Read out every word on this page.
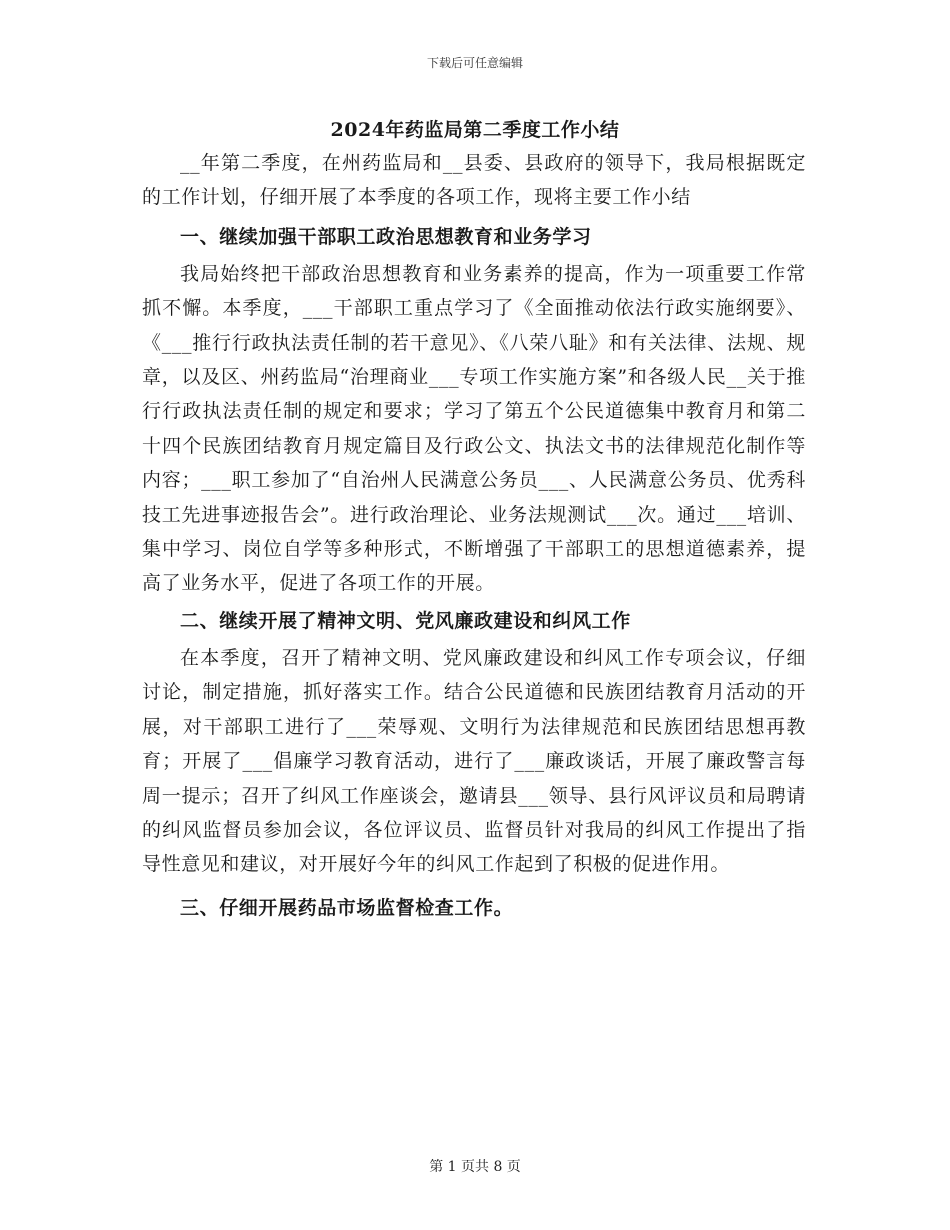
下载后可任意编辑
2024年药监局第二季度工作小结

__年第二季度，在州药监局和__县委、县政府的领导下，我局根据既定的工作计划，仔细开展了本季度的各项工作，现将主要工作小结

一、继续加强干部职工政治思想教育和业务学习

我局始终把干部政治思想教育和业务素养的提高，作为一项重要工作常抓不懈。本季度，___干部职工重点学习了《全面推动依法行政实施纲要》、《___推行行政执法责任制的若干意见》、《八荣八耻》和有关法律、法规、规章，以及区、州药监局“治理商业___专项工作实施方案”和各级人民__关于推行行政执法责任制的规定和要求；学习了第五个公民道德集中教育月和第二十四个民族团结教育月规定篇目及行政公文、执法文书的法律规范化制作等内容；___职工参加了“自治州人民满意公务员___、人民满意公务员、优秀科技工先进事迹报告会”。进行政治理论、业务法规测试___次。通过___培训、集中学习、岗位自学等多种形式，不断增强了干部职工的思想道德素养，提高了业务水平，促进了各项工作的开展。

二、继续开展了精神文明、党风廉政建设和纠风工作

在本季度，召开了精神文明、党风廉政建设和纠风工作专项会议，仔细讨论，制定措施，抓好落实工作。结合公民道德和民族团结教育月活动的开展，对干部职工进行了___荣辱观、文明行为法律规范和民族团结思想再教育；开展了___倡廉学习教育活动，进行了___廉政谈话，开展了廉政警言每周一提示；召开了纠风工作座谈会，邀请县___领导、县行风评议员和局聘请的纠风监督员参加会议，各位评议员、监督员针对我局的纠风工作提出了指导性意见和建议，对开展好今年的纠风工作起到了积极的促进作用。

三、仔细开展药品市场监督检查工作。

第 1 页共 8 页
